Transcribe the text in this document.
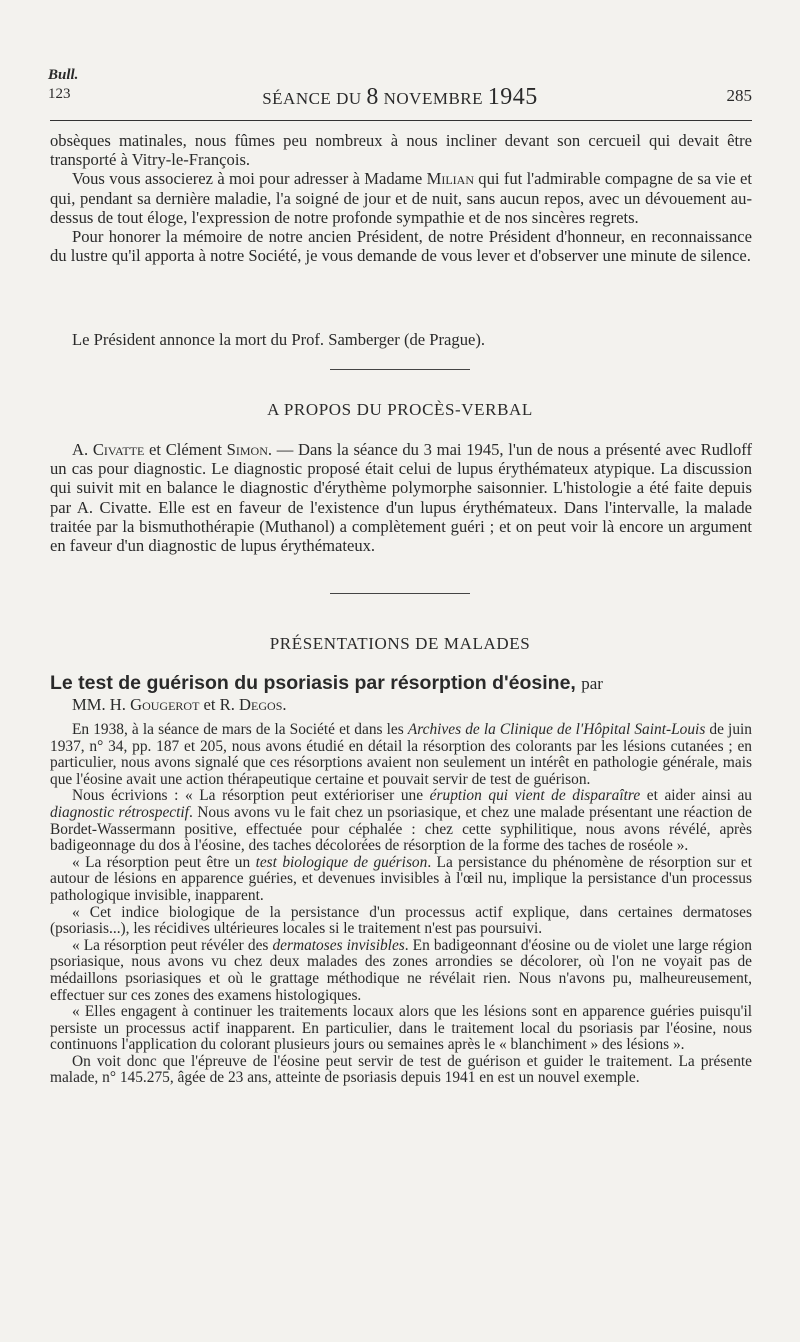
Bull.
123	SÉANCE DU 8 NOVEMBRE 1945	285

obsèques matinales, nous fûmes peu nombreux à nous incliner devant son cercueil qui devait être transporté à Vitry-le-François.

Vous vous associerez à moi pour adresser à Madame Milian qui fut l'admirable compagne de sa vie et qui, pendant sa dernière maladie, l'a soigné de jour et de nuit, sans aucun repos, avec un dévouement au-dessus de tout éloge, l'expression de notre profonde sympathie et de nos sincères regrets.

Pour honorer la mémoire de notre ancien Président, de notre Président d'honneur, en reconnaissance du lustre qu'il apporta à notre Société, je vous demande de vous lever et d'observer une minute de silence.

Le Président annonce la mort du Prof. Samberger (de Prague).

A PROPOS DU PROCÈS-VERBAL

A. Civatte et Clément Simon. — Dans la séance du 3 mai 1945, l'un de nous a présenté avec Rudloff un cas pour diagnostic. Le diagnostic proposé était celui de lupus érythémateux atypique. La discussion qui suivit mit en balance le diagnostic d'érythème polymorphe saisonnier. L'histologie a été faite depuis par A. Civatte. Elle est en faveur de l'existence d'un lupus érythémateux. Dans l'intervalle, la malade traitée par la bismuthothérapie (Muthanol) a complètement guéri ; et on peut voir là encore un argument en faveur d'un diagnostic de lupus érythémateux.

PRÉSENTATIONS DE MALADES
Le test de guérison du psoriasis par résorption d'éosine, par
MM. H. Gougerot et R. Degos.

En 1938, à la séance de mars de la Société et dans les Archives de la Clinique de l'Hôpital Saint-Louis de juin 1937, n° 34, pp. 187 et 205, nous avons étudié en détail la résorption des colorants par les lésions cutanées ; en particulier, nous avons signalé que ces résorptions avaient non seulement un intérêt en pathologie générale, mais que l'éosine avait une action thérapeutique certaine et pouvait servir de test de guérison.

Nous écrivions : « La résorption peut extérioriser une éruption qui vient de disparaître et aider ainsi au diagnostic rétrospectif. Nous avons vu le fait chez un psoriasique, et chez une malade présentant une réaction de Bordet-Wassermann positive, effectuée pour céphalée : chez cette syphilitique, nous avons révélé, après badigeonnage du dos à l'éosine, des taches décolorées de résorption de la forme des taches de roséole ».

« La résorption peut être un test biologique de guérison. La persistance du phénomène de résorption sur et autour de lésions en apparence guéries, et devenues invisibles à l'œil nu, implique la persistance d'un processus pathologique invisible, inapparent.

« Cet indice biologique de la persistance d'un processus actif explique, dans certaines dermatoses (psoriasis...), les récidives ultérieures locales si le traitement n'est pas poursuivi.

« La résorption peut révéler des dermatoses invisibles. En badigeonnant d'éosine ou de violet une large région psoriasique, nous avons vu chez deux malades des zones arrondies se décolorer, où l'on ne voyait pas de médaillons psoriasiques et où le grattage méthodique ne révélait rien. Nous n'avons pu, malheureusement, effectuer sur ces zones des examens histologiques.

« Elles engagent à continuer les traitements locaux alors que les lésions sont en apparence guéries puisqu'il persiste un processus actif inapparent. En particulier, dans le traitement local du psoriasis par l'éosine, nous continuons l'application du colorant plusieurs jours ou semaines après le « blanchiment » des lésions ».

On voit donc que l'épreuve de l'éosine peut servir de test de guérison et guider le traitement. La présente malade, n° 145.275, âgée de 23 ans, atteinte de psoriasis depuis 1941 en est un nouvel exemple.
